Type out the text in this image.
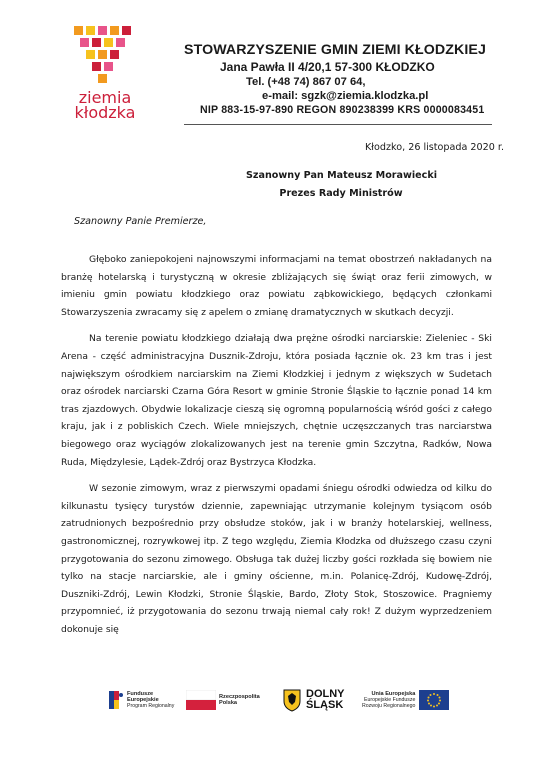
ziemia
kłodzka
STOWARZYSZENIE GMIN ZIEMI KŁODZKIEJ
Jana Pawła II 4/20,1 57-300 KŁODZKO
Tel. (+48 74) 867 07 64,
e-mail: sgzk@ziemia.klodzka.pl
NIP 883-15-97-890 REGON 890238399 KRS 0000083451
Kłodzko, 26 listopada 2020 r.
Szanowny Pan Mateusz Morawiecki
Prezes Rady Ministrów
Szanowny Panie Premierze,

Głęboko zaniepokojeni najnowszymi informacjami na temat obostrzeń nakładanych na branżę hotelarską i turystyczną w okresie zbliżających się świąt oraz ferii zimowych, w imieniu gmin powiatu kłodzkiego oraz powiatu ząbkowickiego, będących członkami Stowarzyszenia zwracamy się z apelem o zmianę dramatycznych w skutkach decyzji.

Na terenie powiatu kłodzkiego działają dwa prężne ośrodki narciarskie: Zieleniec - Ski Arena - część administracyjna Dusznik-Zdroju, która posiada łącznie ok. 23 km tras i jest największym ośrodkiem narciarskim na Ziemi Kłodzkiej i jednym z większych w Sudetach oraz ośrodek narciarski Czarna Góra Resort w gminie Stronie Śląskie to łącznie ponad 14 km tras zjazdowych. Obydwie lokalizacje cieszą się ogromną popularnością wśród gości z całego kraju, jak i z pobliskich Czech. Wiele mniejszych, chętnie uczęszczanych tras narciarstwa biegowego oraz wyciągów zlokalizowanych jest na terenie gmin Szczytna, Radków, Nowa Ruda, Międzylesie, Lądek-Zdrój oraz Bystrzyca Kłodzka.

W sezonie zimowym, wraz z pierwszymi opadami śniegu ośrodki odwiedza od kilku do kilkunastu tysięcy turystów dziennie, zapewniając utrzymanie kolejnym tysiącom osób zatrudnionych bezpośrednio przy obsłudze stoków, jak i w branży hotelarskiej, wellness, gastronomicznej, rozrywkowej itp. Z tego względu, Ziemia Kłodzka od dłuższego czasu czyni przygotowania do sezonu zimowego. Obsługa tak dużej liczby gości rozkłada się bowiem nie tylko na stacje narciarskie, ale i gminy ościenne, m.in. Polanicę-Zdrój, Kudowę-Zdrój, Duszniki-Zdrój, Lewin Kłodzki, Stronie Śląskie, Bardo, Złoty Stok, Stoszowice. Pragniemy przypomnieć, iż przygotowania do sezonu trwają niemal cały rok! Z dużym wyprzedzeniem dokonuje się

Fundusze
Europejskie
Program Regionalny
Rzeczpospolita
Polska
DOLNY
ŚLĄSK
Unia Europejska
Europejskie Fundusze
Rozwoju Regionalnego
